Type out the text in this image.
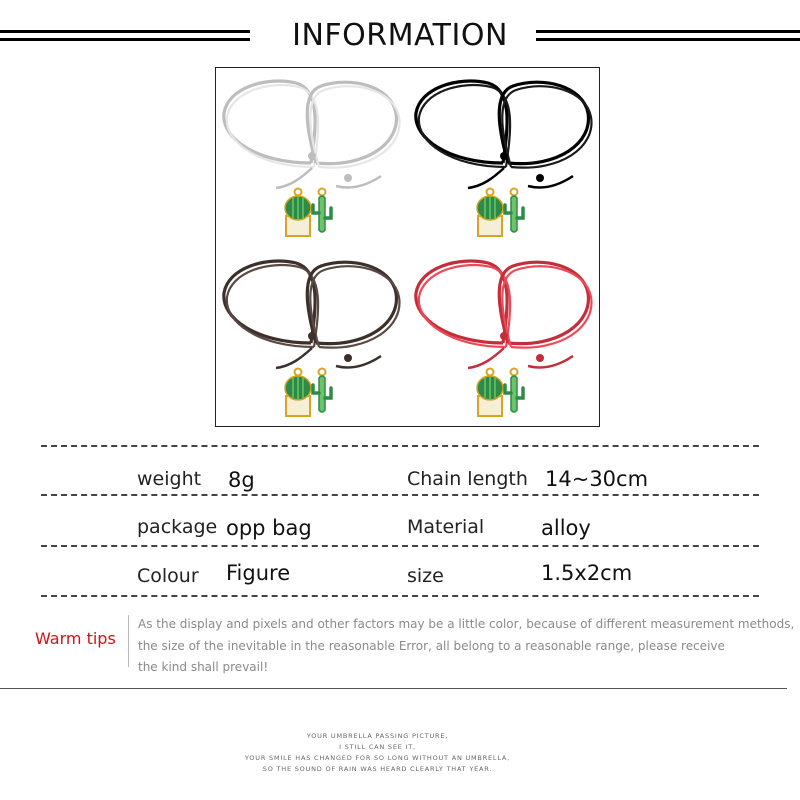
INFORMATION
weight 8g	Chain length 14~30cm
package opp bag	Material	alloy
Colour Figure	size	1.5x2cm
Warm tips
As the display and pixels and other factors may be a little color, because of different measurement methods,
the size of the inevitable in the reasonable Error, all belong to a reasonable range, please receive
the kind shall prevail!
YOUR UMBRELLA PASSING PICTURE,
I STILL CAN SEE IT,
YOUR SMILE HAS CHANGED FOR SO LONG WITHOUT AN UMBRELLA,
SO THE SOUND OF RAIN WAS HEARD CLEARLY THAT YEAR.
